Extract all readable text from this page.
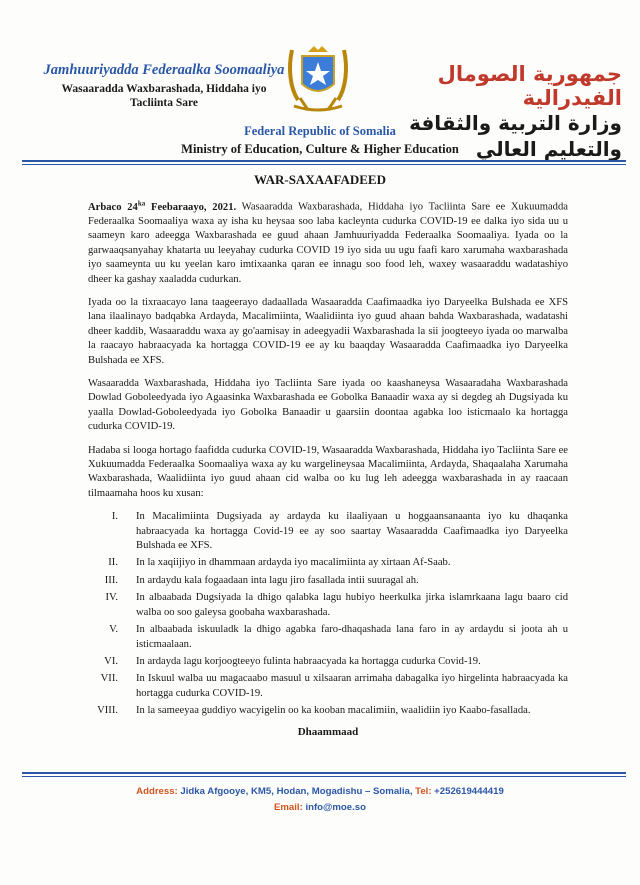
Jamhuuriyadda Federaalka Soomaaliya
Wasaaradda Waxbarashada, Hiddaha iyo
Tacliinta Sare
جمهورية الصومال الفيدرالية
وزارة التربية والثقافة والتعليم العالي
Federal Republic of Somalia
Ministry of Education, Culture & Higher Education
WAR-SAXAAFADEED

Arbaco $24^{ka}$ Feebaraayo, 2021. Wasaaradda Waxbarashada, Hiddaha iyo Tacliinta Sare ee Xukuumadda Federaalka Soomaaliya waxa ay isha ku heysaa soo laba kacleynta cudurka COVID-19 ee dalka iyo sida uu u saameyn karo adeegga Waxbarashada ee guud ahaan Jamhuuriyadda Federaalka Soomaaliya. Iyada oo la garwaaqsanyahay khatarta uu leeyahay cudurka COVID 19 iyo sida uu ugu faafi karo xarumaha waxbarashada iyo saameynta uu ku yeelan karo imtixaanka qaran ee innagu soo food leh, waxey wasaaraddu wadatashiyo dheer ka gashay xaaladda cudurkan.

Iyada oo la tixraacayo lana taageerayo dadaallada Wasaaradda Caafimaadka iyo Daryeelka Bulshada ee XFS lana ilaalinayo badqabka Ardayda, Macalimiinta, Waalidiinta iyo guud ahaan bahda Waxbarashada, wadatashi dheer kaddib, Wasaaraddu waxa ay go'aamisay in adeegyadii Waxbarashada la sii joogteeyo iyada oo marwalba la raacayo habraacyada ka hortagga COVID-19 ee ay ku baaqday Wasaaradda Caafimaadka iyo Daryeelka Bulshada ee XFS.

Wasaaradda Waxbarashada, Hiddaha iyo Tacliinta Sare iyada oo kaashaneysa Wasaaradaha Waxbarashada Dowlad Goboleedyada iyo Agaasinka Waxbarashada ee Gobolka Banaadir waxa ay si degdeg ah Dugsiyada ku yaalla Dowlad-Goboleedyada iyo Gobolka Banaadir u gaarsiin doontaa agabka loo isticmaalo ka hortagga cudurka COVID-19.

Hadaba si looga hortago faafidda cudurka COVID-19, Wasaaradda Waxbarashada, Hiddaha iyo Tacliinta Sare ee Xukuumadda Federaalka Soomaaliya waxa ay ku wargelineysaa Macalimiinta, Ardayda, Shaqaalaha Xarumaha Waxbarashada, Waalidiinta iyo guud ahaan cid walba oo ku lug leh adeegga waxbarashada in ay raacaan tilmaamaha hoos ku xusan:

I. In Macalimiinta Dugsiyada ay ardayda ku ilaaliyaan u hoggaansanaanta iyo ku dhaqanka habraacyada ka hortagga Covid-19 ee ay soo saartay Wasaaradda Caafimaadka iyo Daryeelka Bulshada ee XFS.
II. In la xaqiijiyo in dhammaan ardayda iyo macalimiinta ay xirtaan Af-Saab.
III. In ardaydu kala fogaadaan inta lagu jiro fasallada intii suuragal ah.
IV. In albaabada Dugsiyada la dhigo qalabka lagu hubiyo heerkulka jirka islamrkaana lagu baaro cid walba oo soo galeysa goobaha waxbarashada.
V. In albaabada iskuuladk la dhigo agabka faro-dhaqashada lana faro in ay ardaydu si joota ah u isticmaalaan.
VI. In ardayda lagu korjoogteeyo fulinta habraacyada ka hortagga cudurka Covid-19.
VII. In Iskuul walba uu magacaabo masuul u xilsaaran arrimaha dabagalka iyo hirgelinta habraacyada ka hortagga cudurka COVID-19.
VIII. In la sameeyaa guddiyo wacyigelin oo ka kooban macalimiin, waalidiin iyo Kaabo-fasallada.
Dhaammaad
Address: Jidka Afgooye, KM5, Hodan, Mogadishu – Somalia, Tel: +252619444419
Email: info@moe.so
